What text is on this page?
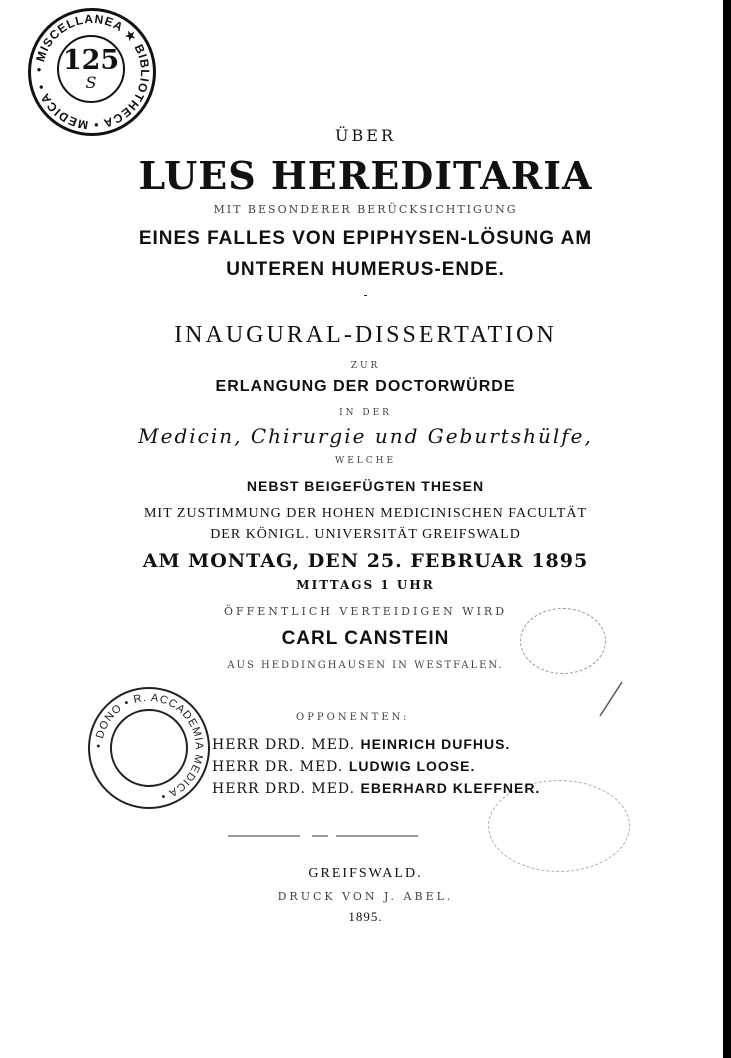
• MISCELLANEA ★ BIBLIOTHECA • MEDICA •
125
S
ÜBER
LUES HEREDITARIA
MIT BESONDERER BERÜCKSICHTIGUNG
EINES FALLES VON EPIPHYSEN-LÖSUNG AM
UNTEREN HUMERUS-ENDE.
-
INAUGURAL-DISSERTATION
ZUR
ERLANGUNG DER DOCTORWÜRDE
IN DER
Medicin, Chirurgie und Geburtshülfe,
WELCHE
NEBST BEIGEFÜGTEN THESEN
MIT ZUSTIMMUNG DER HOHEN MEDICINISCHEN FACULTÄT
DER KÖNIGL. UNIVERSITÄT GREIFSWALD
AM MONTAG, DEN 25. FEBRUAR 1895
MITTAGS 1 UHR
ÖFFENTLICH VERTEIDIGEN WIRD
CARL CANSTEIN
AUS HEDDINGHAUSEN IN WESTFALEN.
• DONO • R. ACCADEMIA MEDICA •
OPPONENTEN:
HERR DRD. MED. HEINRICH DUFHUS.
HERR DR. MED. LUDWIG LOOSE.
HERR DRD. MED. EBERHARD KLEFFNER.
GREIFSWALD.
DRUCK VON J. ABEL.
1895.
